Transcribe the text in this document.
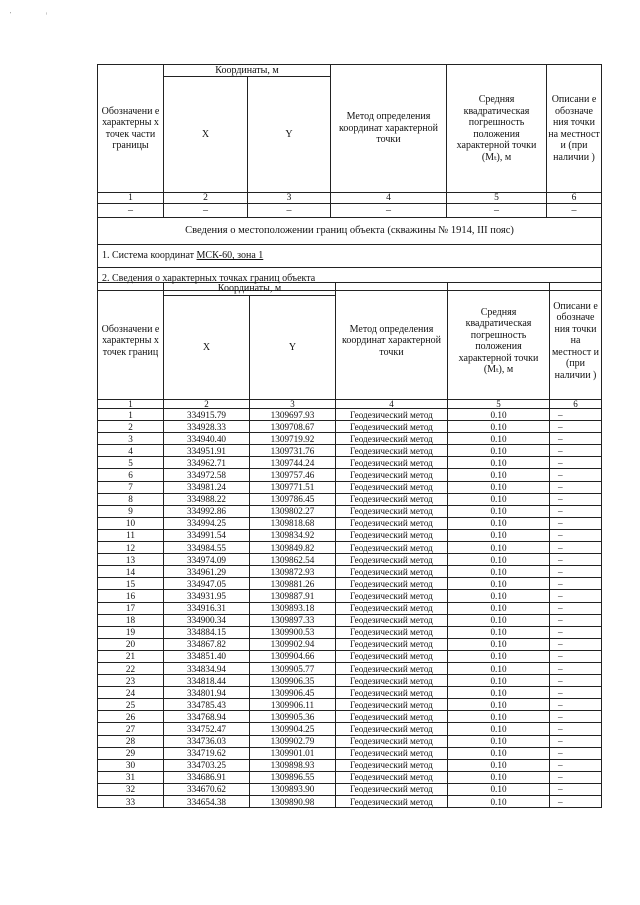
'	ᶦ
Обозначени е характерны х точек части границы	Координаты, м		Метод определения координат характерной точки	Средняя квадратическая погрешность положения характерной точки (Mₜ), м	Описани е обозначе ния точки на местност и (при наличии )
	X	Y			
1	2	3	4	5	6
–	–	–	–	–	–
Сведения о местоположении границ объекта (скважины № 1914, III пояс)					
1. Система координат МСК-60, зона 1					
2. Сведения о характерных точках границ объекта					
Обозначени е характерны х точек границ	Координаты, м		Метод определения координат характерной точки	Средняя квадратическая погрешность положения характерной точки (Mₜ), м	Описани е обозначе ния точки на местност и (при наличии )
	X	Y			
1	2	3	4	5	6
1	334915.79	1309697.93	Геодезический метод	0.10	–
2	334928.33	1309708.67	Геодезический метод	0.10	–
3	334940.40	1309719.92	Геодезический метод	0.10	–
4	334951.91	1309731.76	Геодезический метод	0.10	–
5	334962.71	1309744.24	Геодезический метод	0.10	–
6	334972.58	1309757.46	Геодезический метод	0.10	–
7	334981.24	1309771.51	Геодезический метод	0.10	–
8	334988.22	1309786.45	Геодезический метод	0.10	–
9	334992.86	1309802.27	Геодезический метод	0.10	–
10	334994.25	1309818.68	Геодезический метод	0.10	–
11	334991.54	1309834.92	Геодезический метод	0.10	–
12	334984.55	1309849.82	Геодезический метод	0.10	–
13	334974.09	1309862.54	Геодезический метод	0.10	–
14	334961.29	1309872.93	Геодезический метод	0.10	–
15	334947.05	1309881.26	Геодезический метод	0.10	–
16	334931.95	1309887.91	Геодезический метод	0.10	–
17	334916.31	1309893.18	Геодезический метод	0.10	–
18	334900.34	1309897.33	Геодезический метод	0.10	–
19	334884.15	1309900.53	Геодезический метод	0.10	–
20	334867.82	1309902.94	Геодезический метод	0.10	–
21	334851.40	1309904.66	Геодезический метод	0.10	–
22	334834.94	1309905.77	Геодезический метод	0.10	–
23	334818.44	1309906.35	Геодезический метод	0.10	–
24	334801.94	1309906.45	Геодезический метод	0.10	–
25	334785.43	1309906.11	Геодезический метод	0.10	–
26	334768.94	1309905.36	Геодезический метод	0.10	–
27	334752.47	1309904.25	Геодезический метод	0.10	–
28	334736.03	1309902.79	Геодезический метод	0.10	–
29	334719.62	1309901.01	Геодезический метод	0.10	–
30	334703.25	1309898.93	Геодезический метод	0.10	–
31	334686.91	1309896.55	Геодезический метод	0.10	–
32	334670.62	1309893.90	Геодезический метод	0.10	–
33	334654.38	1309890.98	Геодезический метод	0.10	–
